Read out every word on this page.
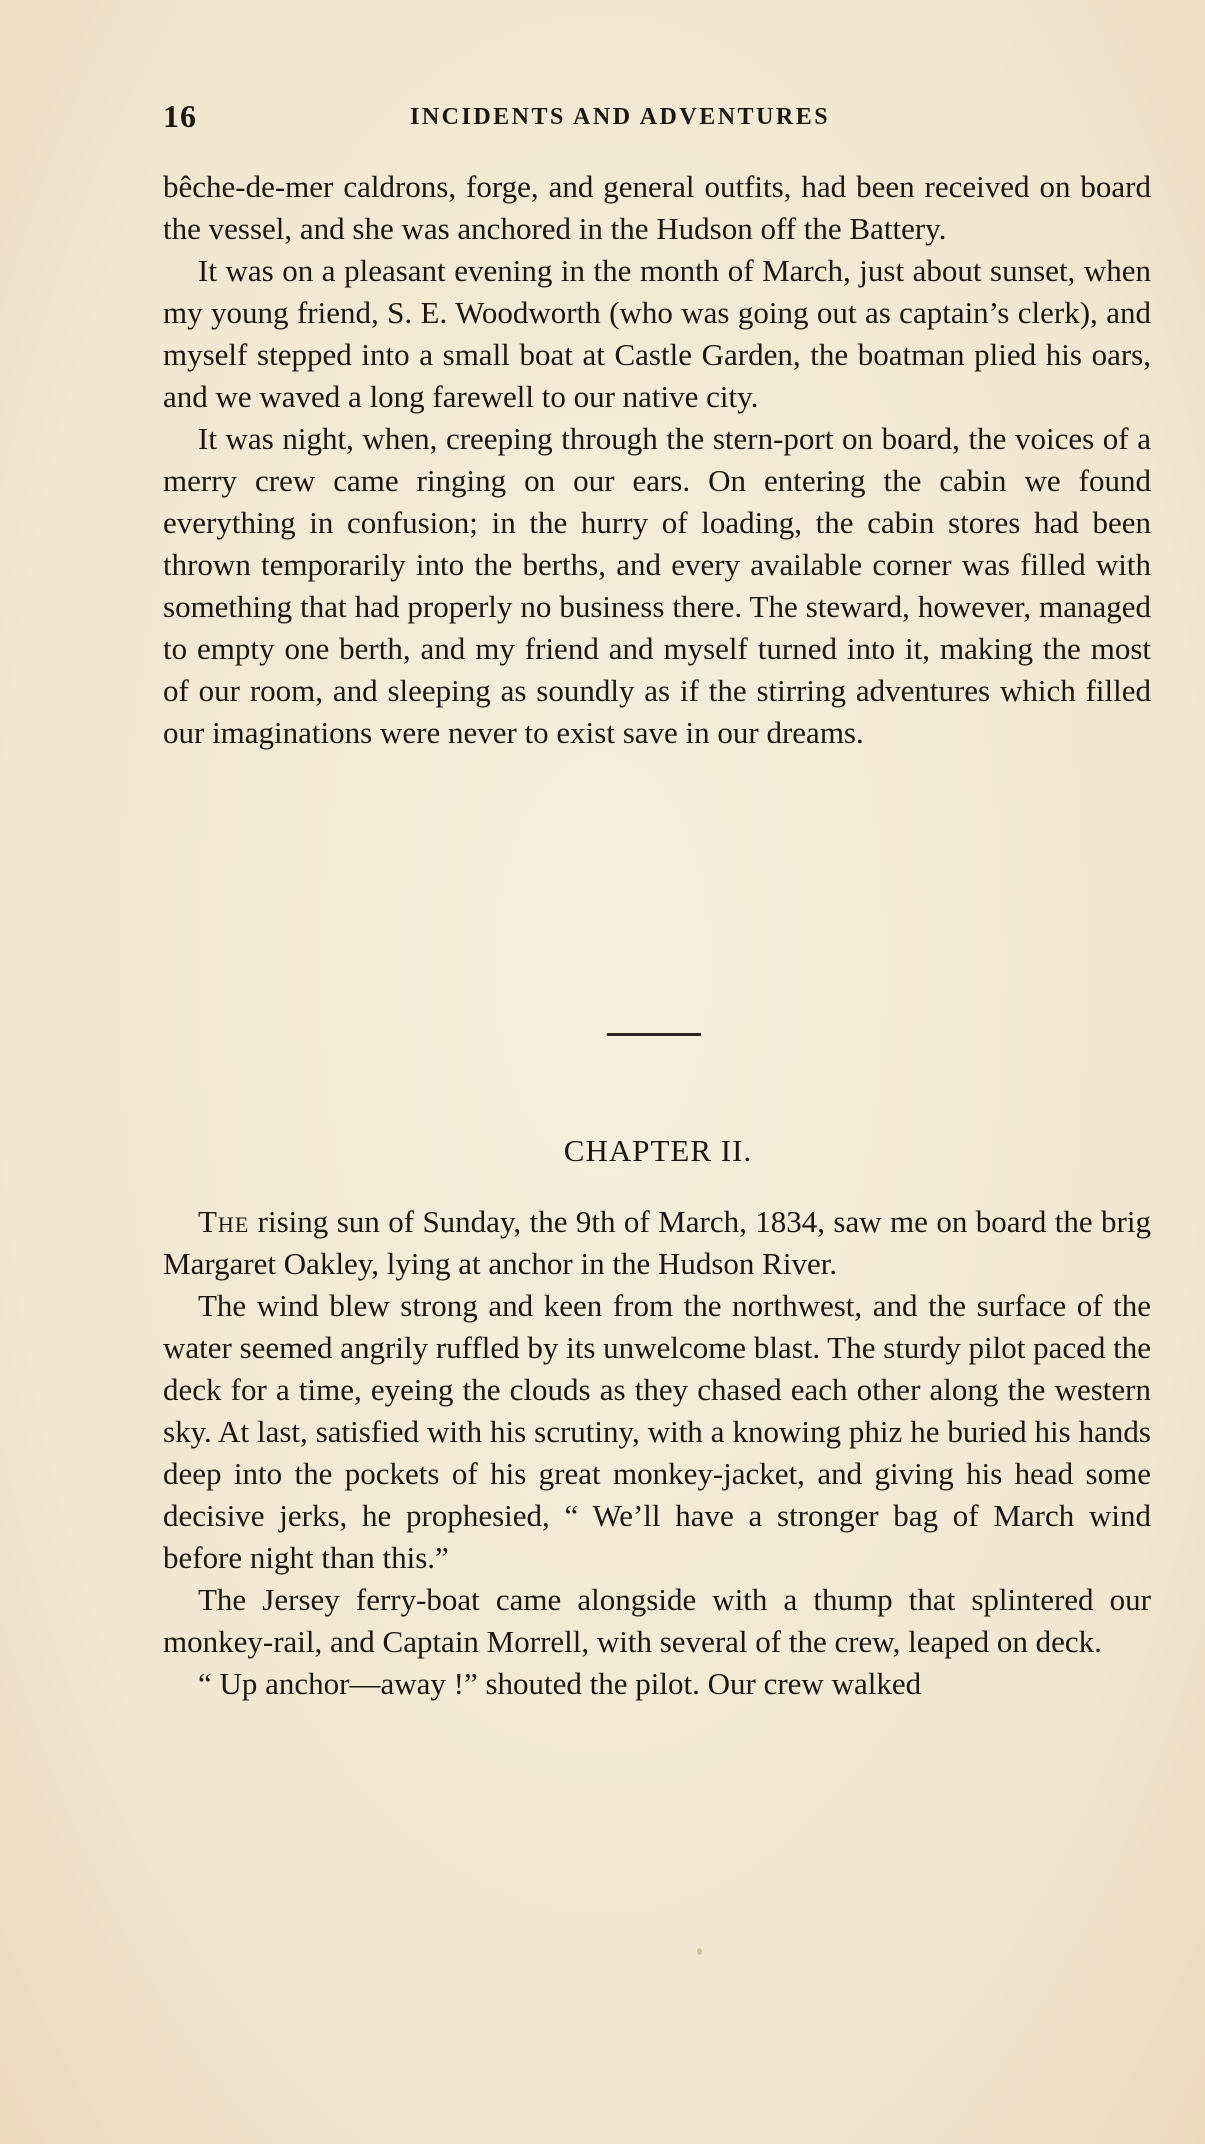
16	INCIDENTS AND ADVENTURES

bêche-de-mer caldrons, forge, and general outfits, had been received on board the vessel, and she was anchored in the Hudson off the Battery.

It was on a pleasant evening in the month of March, just about sunset, when my young friend, S. E. Woodworth (who was going out as captain’s clerk), and myself stepped into a small boat at Castle Garden, the boatman plied his oars, and we waved a long farewell to our native city.

It was night, when, creeping through the stern-port on board, the voices of a merry crew came ringing on our ears. On entering the cabin we found everything in confusion; in the hurry of loading, the cabin stores had been thrown temporarily into the berths, and every available corner was filled with something that had properly no business there. The steward, however, managed to empty one berth, and my friend and myself turned into it, making the most of our room, and sleeping as soundly as if the stirring adventures which filled our imaginations were never to exist save in our dreams.

CHAPTER II.

The rising sun of Sunday, the 9th of March, 1834, saw me on board the brig Margaret Oakley, lying at anchor in the Hudson River.

The wind blew strong and keen from the northwest, and the surface of the water seemed angrily ruffled by its unwelcome blast. The sturdy pilot paced the deck for a time, eyeing the clouds as they chased each other along the western sky. At last, satisfied with his scrutiny, with a knowing phiz he buried his hands deep into the pockets of his great monkey-jacket, and giving his head some decisive jerks, he prophesied, “ We’ll have a stronger bag of March wind before night than this.”

The Jersey ferry-boat came alongside with a thump that splintered our monkey-rail, and Captain Morrell, with several of the crew, leaped on deck.

“ Up anchor—away !” shouted the pilot. Our crew walked
